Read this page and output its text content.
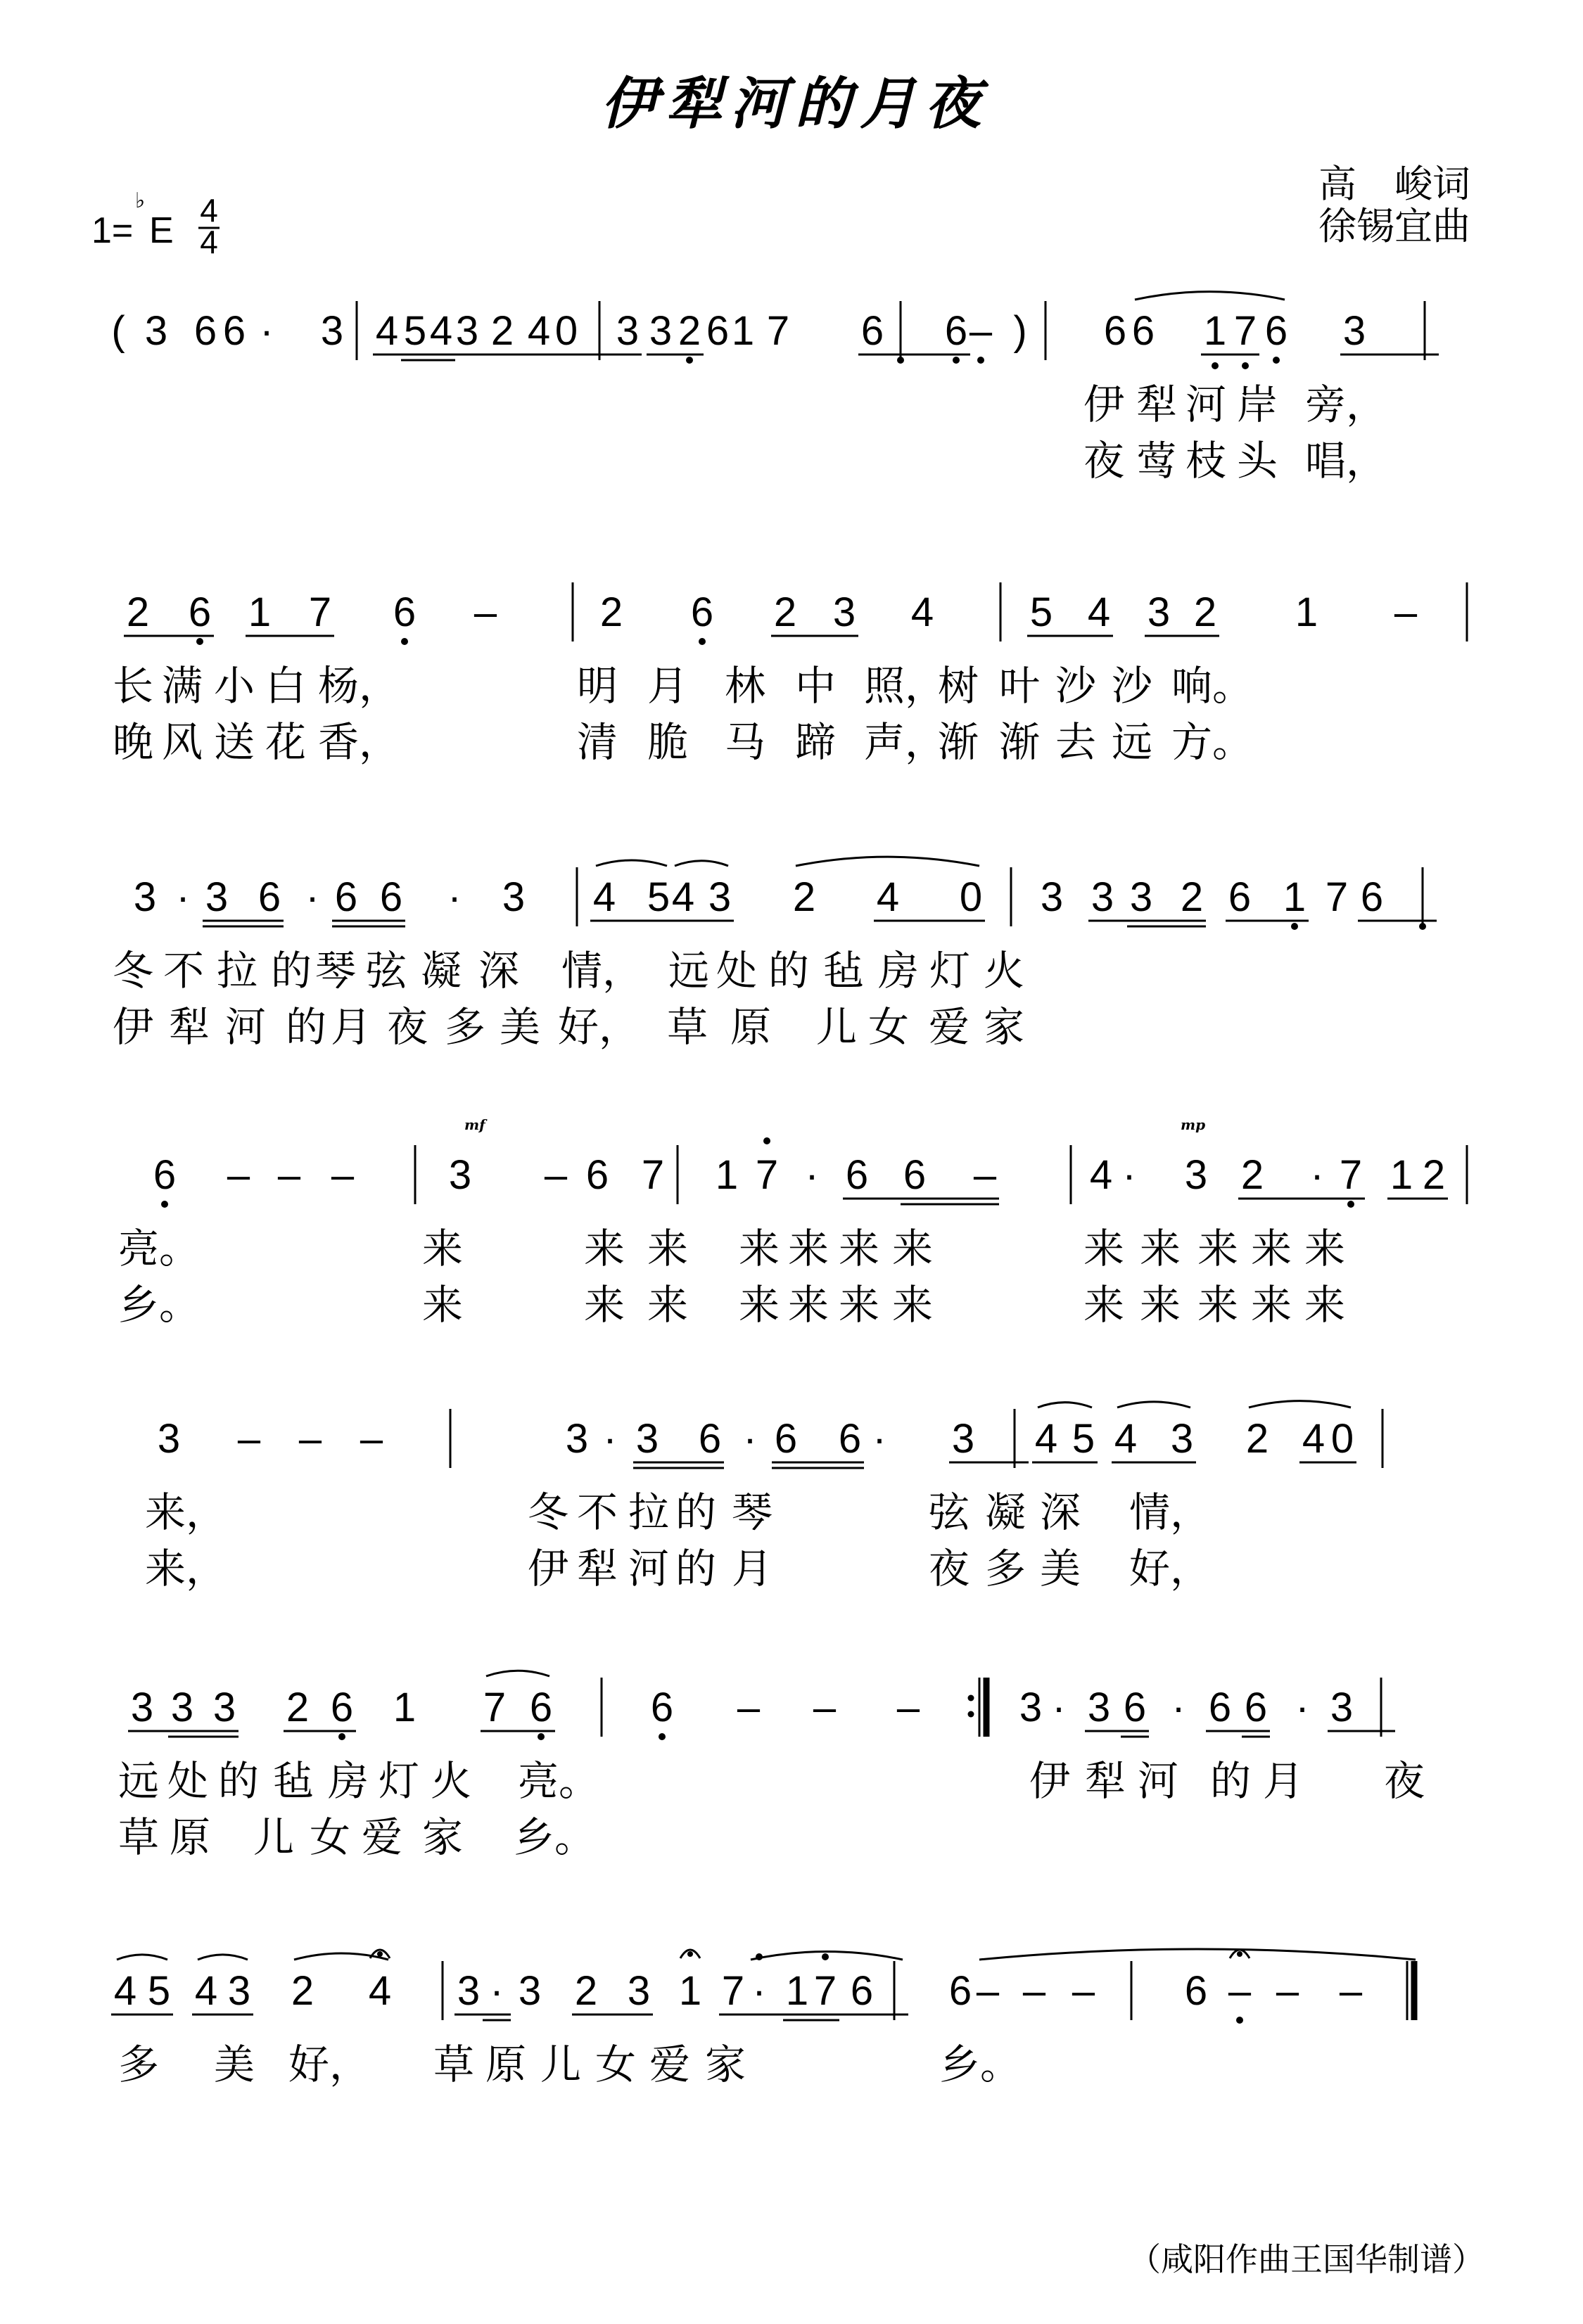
伊犁河的月夜
高　峻词
徐锡宜曲
1=
♭
E 4
4
( 3 6 6 · 3 4 5 4 3 2 4 0 3 3 2 6 1 7 6 6 – ) 6 6 1 7 6 3
伊 犁 河 岸 旁，
夜 莺 枝 头 唱，
2 6 1 7 6 –	2 6 2 3 4 5 4 3 2 1 –
长 满 小 白 杨，	明 月 林 中 照，
树 叶 沙 沙 响。
晚 风 送 花 香，	清 脆 马 蹄 声，
渐 渐 去 远 方。
3 · 3 6 · 6 6 · 3 4 5 4 3 2 4 0 3 3 3 2 6 1 7 6
冬 不 拉 的 琴 弦 凝 深 情， 远 处 的 毡 房 灯 火
伊 犁 河 的 月 夜 多 美 好， 草 原 儿 女 爱 家
6 – – – 3 – 6 7 1 7 · 6 6 – 4 · 3 2 · 7 1 2
mf	mp
亮。	来	来 来 来 来 来 来	来 来 来 来 来
乡。	来	来 来 来 来 来 来	来 来 来 来 来
3 – – –	3 · 3 6 · 6 6 · 3 4 5 4 3 2 4 0
来，	冬 不 拉 的 琴	弦 凝 深 情，
来，	伊 犁 河 的 月	夜 多 美 好，
3 3 3 2 6 1 7 6 6 – – – 3 · 3 6 · 6 6 · 3
远 处 的 毡 房 灯 火 亮。	伊 犁 河 的 月 夜
草 原 儿 女 爱 家 乡。
4 5 4 3 2 4 3 · 3 2 3 1 7 · 1 7 6 6 – – – 6 – – –
多 美 好， 草 原 儿 女 爱 家	乡。
（咸阳作曲王国华制谱）
